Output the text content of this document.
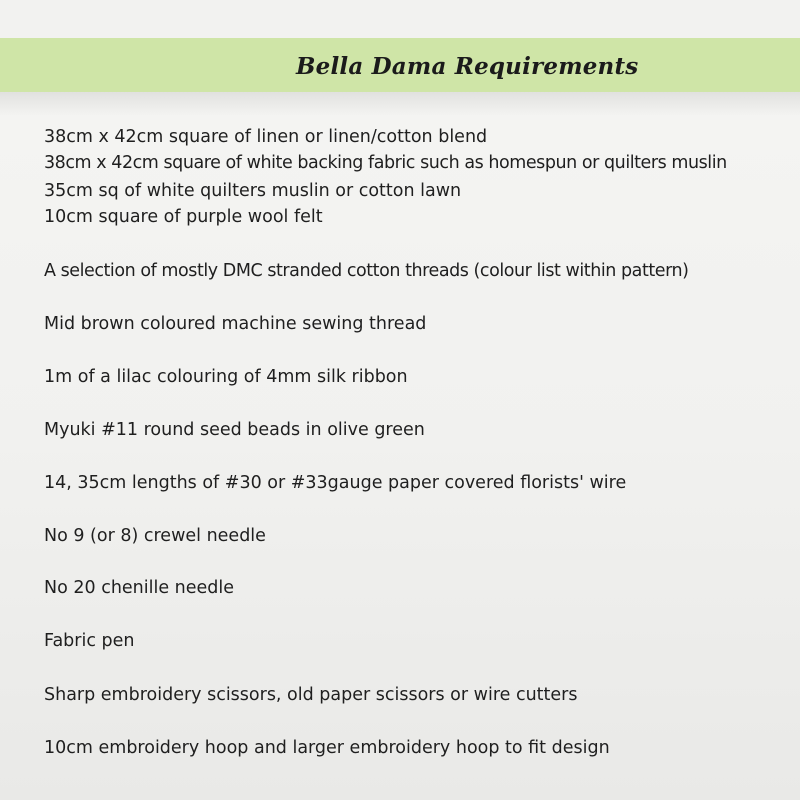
Bella Dama Requirements
38cm x 42cm square of linen or linen/cotton blend
38cm x 42cm square of white backing fabric such as homespun or quilters muslin
35cm sq of white quilters muslin or cotton lawn
10cm square of purple wool felt
A selection of mostly DMC stranded cotton threads (colour list within pattern)
Mid brown coloured machine sewing thread
1m of a lilac colouring of 4mm silk ribbon
Myuki #11 round seed beads in olive green
14, 35cm lengths of #30 or #33gauge paper covered florists' wire
No 9 (or 8) crewel needle
No 20 chenille needle
Fabric pen
Sharp embroidery scissors, old paper scissors or wire cutters
10cm embroidery hoop and larger embroidery hoop to fit design
